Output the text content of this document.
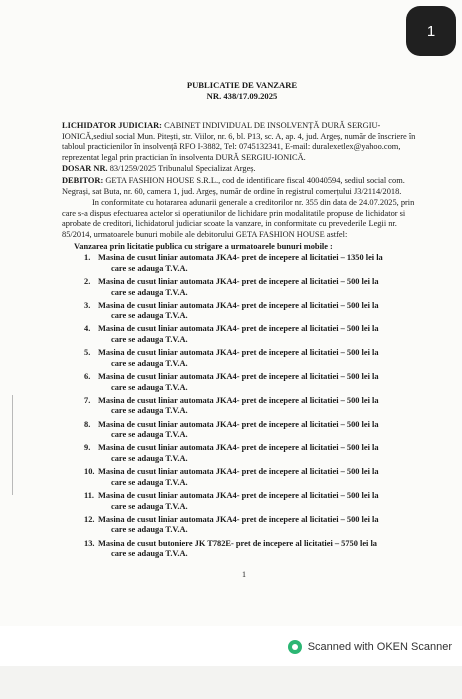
1
PUBLICATIE DE VANZARE
NR. 438/17.09.2025

LICHIDATOR JUDICIAR: CABINET INDIVIDUAL DE INSOLVENȚĂ DURĂ SERGIU-IONICĂ,sediul social Mun. Pitești, str. Viilor, nr. 6, bl. P13, sc. A, ap. 4, jud. Argeș, număr de înscriere în tabloul practicienilor în insolvență RFO I-3882, Tel: 0745132341, E-mail: duralexetlex@yahoo.com, reprezentat legal prin practician în insolventa DURĂ SERGIU-IONICĂ.

DOSAR NR. 83/1259/2025 Tribunalul Specializat Argeș.

DEBITOR: GETA FASHION HOUSE S.R.L., cod de identificare fiscal 40040594, sediul social com. Negrași, sat Buta, nr. 60, camera 1, jud. Argeș, număr de ordine în registrul comerțului J3/2114/2018.

In conformitate cu hotararea adunarii generale a creditorilor nr. 355 din data de 24.07.2025, prin care s-a dispus efectuarea actelor si operatiunilor de lichidare prin modalitatile propuse de lichidator si aprobate de creditori, lichidatorul judiciar scoate la vanzare, in conformitate cu prevederile Legii nr. 85/2014, urmatoarele bunuri mobile ale debitorului GETA FASHION HOUSE astfel:

Vanzarea prin licitatie publica cu strigare a urmatoarele bunuri mobile :
1. Masina de cusut liniar automata JKA4- pret de incepere al licitatiei – 1350 lei la
care se adauga T.V.A.
2. Masina de cusut liniar automata JKA4- pret de incepere al licitatiei – 500 lei la
care se adauga T.V.A.
3. Masina de cusut liniar automata JKA4- pret de incepere al licitatiei – 500 lei la
care se adauga T.V.A.
4. Masina de cusut liniar automata JKA4- pret de incepere al licitatiei – 500 lei la
care se adauga T.V.A.
5. Masina de cusut liniar automata JKA4- pret de incepere al licitatiei – 500 lei la
care se adauga T.V.A.
6. Masina de cusut liniar automata JKA4- pret de incepere al licitatiei – 500 lei la
care se adauga T.V.A.
7. Masina de cusut liniar automata JKA4- pret de incepere al licitatiei – 500 lei la
care se adauga T.V.A.
8. Masina de cusut liniar automata JKA4- pret de incepere al licitatiei – 500 lei la
care se adauga T.V.A.
9. Masina de cusut liniar automata JKA4- pret de incepere al licitatiei – 500 lei la
care se adauga T.V.A.
10. Masina de cusut liniar automata JKA4- pret de incepere al licitatiei – 500 lei la
care se adauga T.V.A.
11. Masina de cusut liniar automata JKA4- pret de incepere al licitatiei – 500 lei la
care se adauga T.V.A.
12. Masina de cusut liniar automata JKA4- pret de incepere al licitatiei – 500 lei la
care se adauga T.V.A.
13. Masina de cusut butoniere JK T782E- pret de incepere al licitatiei – 5750 lei la
care se adauga T.V.A.
1
Scanned with OKEN Scanner
